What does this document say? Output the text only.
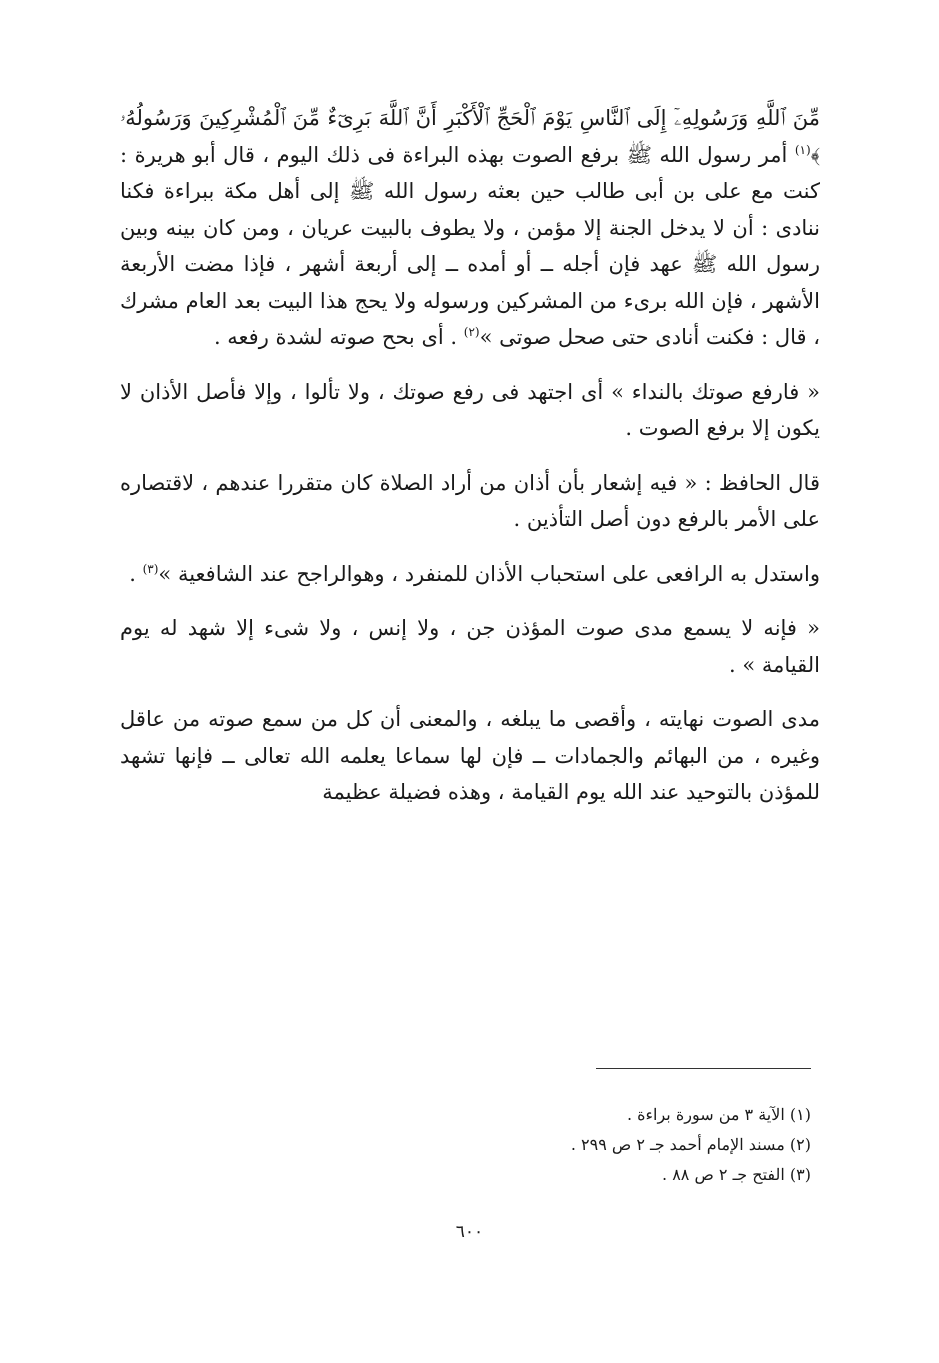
مِّنَ ٱللَّهِ وَرَسُولِهِۦٓ إِلَى ٱلنَّاسِ يَوْمَ ٱلْحَجِّ ٱلْأَكْبَرِ أَنَّ ٱللَّهَ بَرِىٓءٌ مِّنَ ٱلْمُشْرِكِينَ وَرَسُولُهُۥ ﴾$^{(١)}$ أمر رسول الله ﷺ برفع الصوت بهذه البراءة فى ذلك اليوم ، قال أبو هريرة : كنت مع على بن أبى طالب حين بعثه رسول الله ﷺ إلى أهل مكة ببراءة فكنا ننادى : أن لا يدخل الجنة إلا مؤمن ، ولا يطوف بالبيت عريان ، ومن كان بينه وبين رسول الله ﷺ عهد فإن أجله ــ أو أمده ــ إلى أربعة أشهر ، فإذا مضت الأربعة الأشهر ، فإن الله برىء من المشركين ورسوله ولا يحج هذا البيت بعد العام مشرك ، قال : فكنت أنادى حتى صحل صوتى »$^{(٢)}$ . أى بحح صوته لشدة رفعه .

« فارفع صوتك بالنداء » أى اجتهد فى رفع صوتك ، ولا تألوا ، وإلا فأصل الأذان لا يكون إلا برفع الصوت .

قال الحافظ : « فيه إشعار بأن أذان من أراد الصلاة كان متقررا عندهم ، لاقتصاره على الأمر بالرفع دون أصل التأذين .

واستدل به الرافعى على استحباب الأذان للمنفرد ، وهوالراجح عند الشافعية »$^{(٣)}$ .

« فإنه لا يسمع مدى صوت المؤذن جن ، ولا إنس ، ولا شىء إلا شهد له يوم القيامة » .

مدى الصوت نهايته ، وأقصى ما يبلغه ، والمعنى أن كل من سمع صوته من عاقل وغيره ، من البهائم والجمادات ــ فإن لها سماعا يعلمه الله تعالى ــ فإنها تشهد للمؤذن بالتوحيد عند الله يوم القيامة ، وهذه فضيلة عظيمة

(١) الآية ٣ من سورة براءة .

(٢) مسند الإمام أحمد جـ ٢ ص ٢٩٩ .

(٣) الفتح جـ ٢ ص ٨٨ .

٦٠٠
